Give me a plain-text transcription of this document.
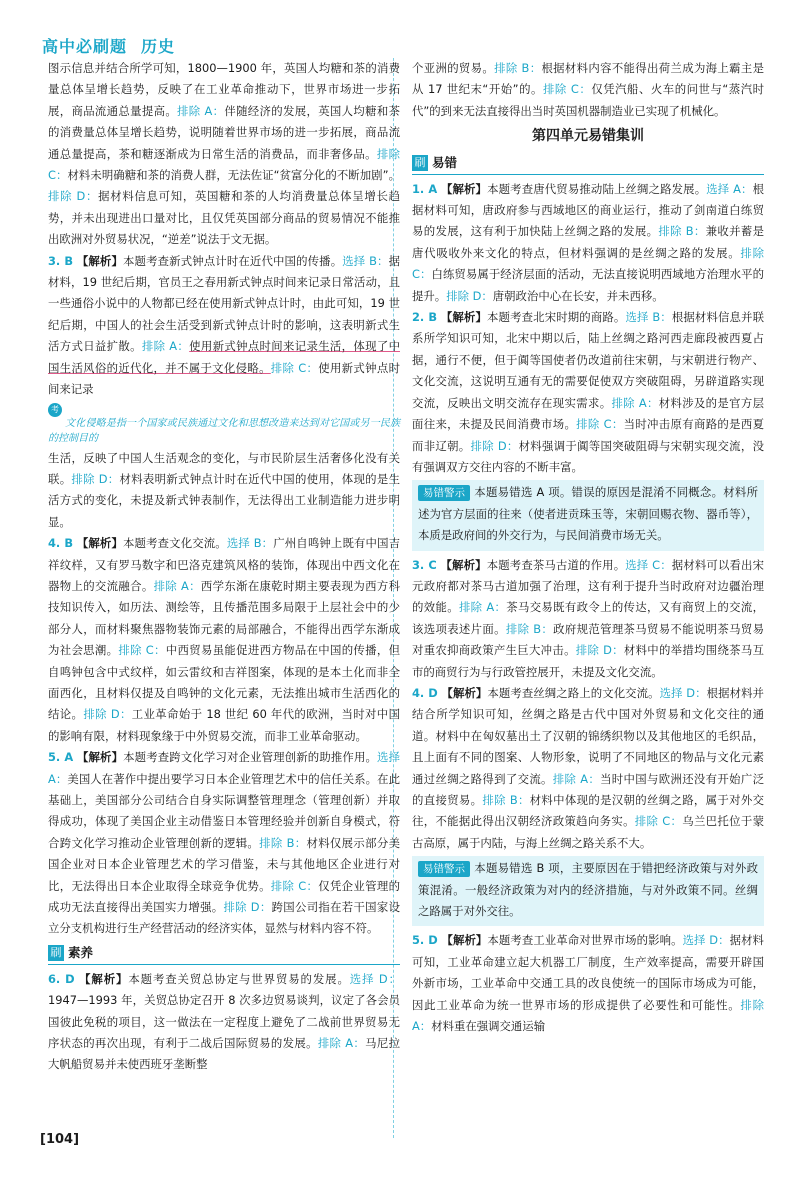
高中必刷题 历史

图示信息并结合所学可知，1800—1900 年，英国人均糖和茶的消费量总体呈增长趋势，反映了在工业革命推动下，世界市场进一步拓展，商品流通总量提高。排除 A：伴随经济的发展，英国人均糖和茶的消费量总体呈增长趋势，说明随着世界市场的进一步拓展，商品流通总量提高，茶和糖逐渐成为日常生活的消费品，而非奢侈品。排除 C：材料未明确糖和茶的消费人群，无法佐证“贫富分化的不断加剧”。排除 D：据材料信息可知，英国糖和茶的人均消费量总体呈增长趋势，并未出现进出口量对比，且仅凭英国部分商品的贸易情况不能推出欧洲对外贸易状况，“逆差”说法于文无据。

3. B 【解析】本题考查新式钟点计时在近代中国的传播。选择 B：据材料，19 世纪后期，官员王之春用新式钟点时间来记录日常活动，且一些通俗小说中的人物都已经在使用新式钟点计时，由此可知，19 世纪后期，中国人的社会生活受到新式钟点计时的影响，这表明新式生活方式日益扩散。排除 A：使用新式钟点时间来记录生活，体现了中国生活风俗的近代化，并不属于文化侵略。排除 C：使用新式钟点时间来记录

考点 文化侵略是指一个国家或民族通过文化和思想改造来达到对它国或另一民族的控制目的

生活，反映了中国人生活观念的变化，与市民阶层生活奢侈化没有关联。排除 D：材料表明新式钟点计时在近代中国的使用，体现的是生活方式的变化，未提及新式钟表制作，无法得出工业制造能力进步明显。

4. B 【解析】本题考查文化交流。选择 B：广州自鸣钟上既有中国吉祥纹样，又有罗马数字和巴洛克建筑风格的装饰，体现出中西文化在器物上的交流融合。排除 A：西学东渐在康乾时期主要表现为西方科技知识传入，如历法、测绘等，且传播范围多局限于上层社会中的少部分人，而材料聚焦器物装饰元素的局部融合，不能得出西学东渐成为社会思潮。排除 C：中西贸易虽能促进西方物品在中国的传播，但自鸣钟包含中式纹样，如云雷纹和吉祥图案，体现的是本土化而非全面西化，且材料仅提及自鸣钟的文化元素，无法推出城市生活西化的结论。排除 D：工业革命始于 18 世纪 60 年代的欧洲，当时对中国的影响有限，材料现象缘于中外贸易交流，而非工业革命驱动。

5. A 【解析】本题考查跨文化学习对企业管理创新的助推作用。选择 A：美国人在著作中提出要学习日本企业管理艺术中的信任关系。在此基础上，美国部分公司结合自身实际调整管理理念（管理创新）并取得成功，体现了美国企业主动借鉴日本管理经验并创新自身模式，符合跨文化学习推动企业管理创新的逻辑。排除 B：材料仅展示部分美国企业对日本企业管理艺术的学习借鉴，未与其他地区企业进行对比，无法得出日本企业取得全球竞争优势。排除 C：仅凭企业管理的成功无法直接得出美国实力增强。排除 D：跨国公司指在若干国家设立分支机构进行生产经营活动的经济实体，显然与材料内容不符。

刷 素养

6. D 【解析】本题考查关贸总协定与世界贸易的发展。选择 D：1947—1993 年，关贸总协定召开 8 次多边贸易谈判，议定了各会员国彼此免税的项目，这一做法在一定程度上避免了二战前世界贸易无序状态的再次出现，有利于二战后国际贸易的发展。排除 A：马尼拉大帆船贸易并未使西班牙垄断整

个亚洲的贸易。排除 B：根据材料内容不能得出荷兰成为海上霸主是从 17 世纪末“开始”的。排除 C：仅凭汽船、火车的问世与“蒸汽时代”的到来无法直接得出当时英国机器制造业已实现了机械化。

第四单元易错集训
刷 易错

1. A 【解析】本题考查唐代贸易推动陆上丝绸之路发展。选择 A：根据材料可知，唐政府参与西域地区的商业运行，推动了剑南道白练贸易的发展，这有利于加快陆上丝绸之路的发展。排除 B：兼收并蓄是唐代吸收外来文化的特点，但材料强调的是丝绸之路的发展。排除 C：白练贸易属于经济层面的活动，无法直接说明西域地方治理水平的提升。排除 D：唐朝政治中心在长安，并未西移。

2. B 【解析】本题考查北宋时期的商路。选择 B：根据材料信息并联系所学知识可知，北宋中期以后，陆上丝绸之路河西走廊段被西夏占据，通行不便，但于阗等国使者仍改道前往宋朝，与宋朝进行物产、文化交流，这说明互通有无的需要促使双方突破阻碍，另辟道路实现交流，反映出文明交流存在现实需求。排除 A：材料涉及的是官方层面往来，未提及民间消费市场。排除 C：当时冲击原有商路的是西夏而非辽朝。排除 D：材料强调于阗等国突破阻碍与宋朝实现交流，没有强调双方交往内容的不断丰富。

易错警示 本题易错选 A 项。错误的原因是混淆不同概念。材料所述为官方层面的往来（使者进贡珠玉等，宋朝回赐衣物、器币等），本质是政府间的外交行为，与民间消费市场无关。

3. C 【解析】本题考查茶马古道的作用。选择 C：据材料可以看出宋元政府都对茶马古道加强了治理，这有利于提升当时政府对边疆治理的效能。排除 A：茶马交易既有政令上的传达，又有商贸上的交流，该选项表述片面。排除 B：政府规范管理茶马贸易不能说明茶马贸易对重农抑商政策产生巨大冲击。排除 D：材料中的举措均围绕茶马互市的商贸行为与行政管控展开，未提及文化交流。

4. D 【解析】本题考查丝绸之路上的文化交流。选择 D：根据材料并结合所学知识可知，丝绸之路是古代中国对外贸易和文化交往的通道。材料中在匈奴墓出土了汉朝的锦绣织物以及其他地区的毛织品，且上面有不同的图案、人物形象，说明了不同地区的物品与文化元素通过丝绸之路得到了交流。排除 A：当时中国与欧洲还没有开始广泛的直接贸易。排除 B：材料中体现的是汉朝的丝绸之路，属于对外交往，不能据此得出汉朝经济政策趋向务实。排除 C：乌兰巴托位于蒙古高原，属于内陆，与海上丝绸之路关系不大。

易错警示 本题易错选 B 项，主要原因在于错把经济政策与对外政策混淆。一般经济政策为对内的经济措施，与对外政策不同。丝绸之路属于对外交往。

5. D 【解析】本题考查工业革命对世界市场的影响。选择 D：据材料可知，工业革命建立起大机器工厂制度，生产效率提高，需要开辟国外新市场，工业革命中交通工具的改良使统一的国际市场成为可能，因此工业革命为统一世界市场的形成提供了必要性和可能性。排除 A：材料重在强调交通运输

[104]
